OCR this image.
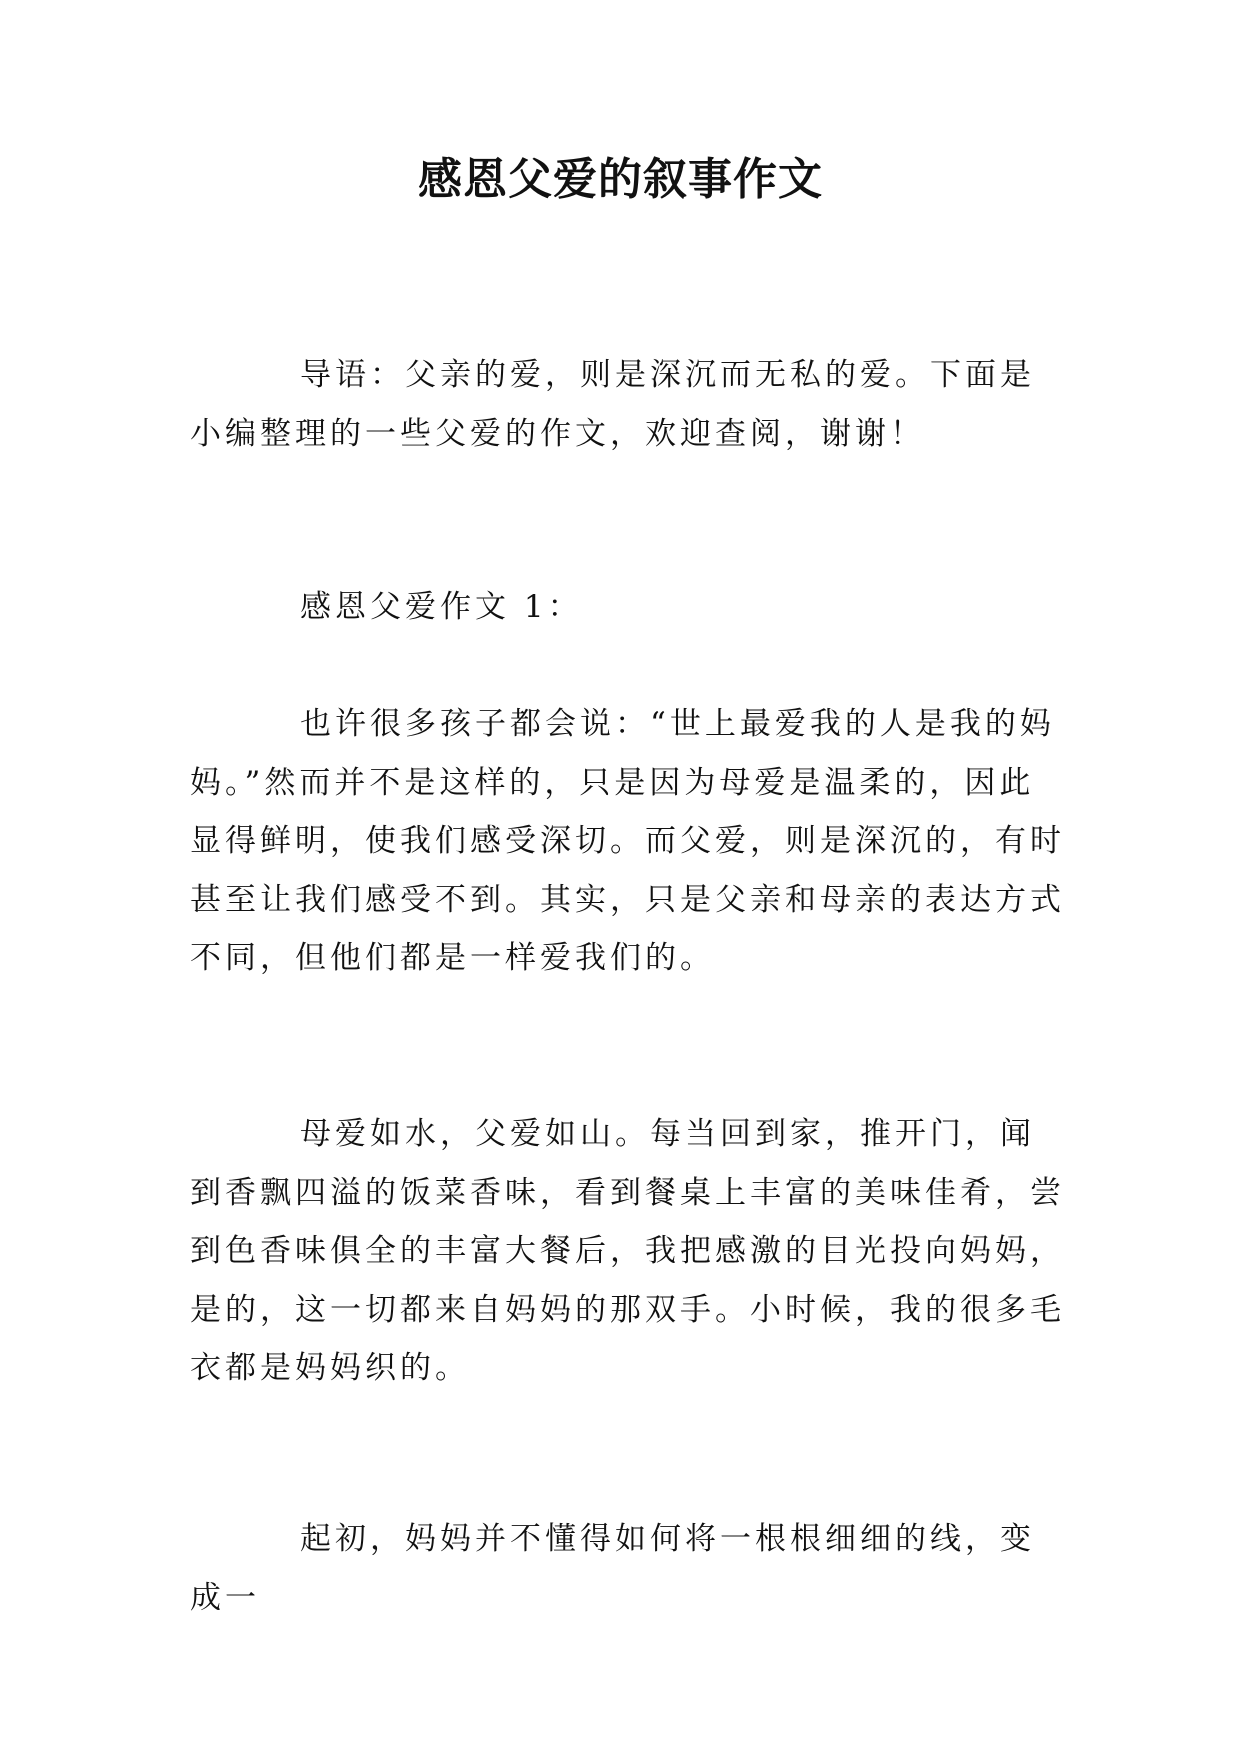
感恩父爱的叙事作文

导语：父亲的爱，则是深沉而无私的爱。下面是小编整理的一些父爱的作文，欢迎查阅，谢谢！

感恩父爱作文 1：

也许很多孩子都会说：“世上最爱我的人是我的妈妈。”然而并不是这样的，只是因为母爱是温柔的，因此显得鲜明，使我们感受深切。而父爱，则是深沉的，有时甚至让我们感受不到。其实，只是父亲和母亲的表达方式不同，但他们都是一样爱我们的。

母爱如水，父爱如山。每当回到家，推开门，闻到香飘四溢的饭菜香味，看到餐桌上丰富的美味佳肴，尝到色香味俱全的丰富大餐后，我把感激的目光投向妈妈，是的，这一切都来自妈妈的那双手。小时候，我的很多毛衣都是妈妈织的。

起初，妈妈并不懂得如何将一根根细细的线，变成一
